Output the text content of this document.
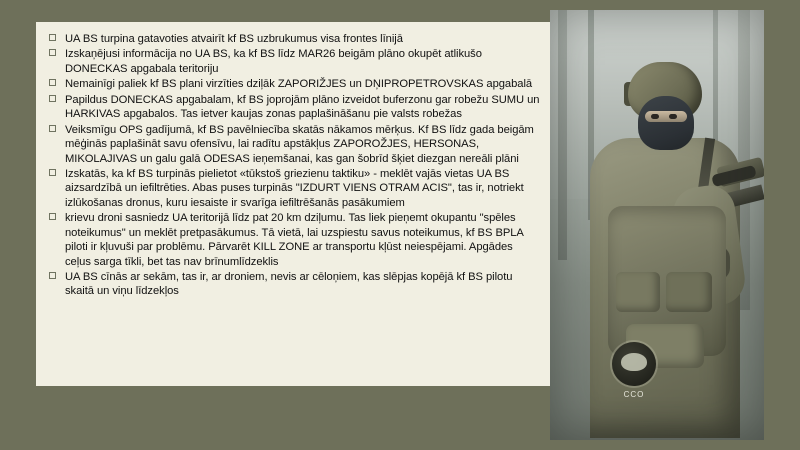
UA BS turpina gatavoties atvairīt kf BS uzbrukumus visa frontes līnijā
Izskaņējusi informācija no UA BS, ka kf BS līdz MAR26 beigām plāno okupēt atlikušo DONECKAS apgabala teritoriju
Nemainīgi paliek kf BS plani virzīties dziļāk ZAPORIŽJES un DŅIPROPETROVSKAS apgabalā
Papildus DONECKAS apgabalam, kf BS joprojām plāno izveidot buferzonu gar robežu SUMU un HARKIVAS apgabalos. Tas ietver kaujas zonas paplašināšanu pie valsts robežas
Veiksmīgu OPS gadījumā, kf BS pavēlniecība skatās nākamos mērķus. Kf BS līdz gada beigām mēģinās paplašināt savu ofensīvu, lai radītu apstākļus ZAPOROŽJES, HERSONAS, MIKOLAJIVAS un galu galā ODESAS ieņemšanai, kas gan šobrīd šķiet diezgan nereāli plāni
Izskatās, ka kf BS turpinās pielietot «tūkstoš griezienu taktiku» - meklēt vajās vietas UA BS aizsardzībā un iefiltrēties. Abas puses turpinās "IZDURT VIENS OTRAM ACIS", tas ir, notriekt izlūkošanas dronus, kuru iesaiste ir svarīga iefiltrēšanās pasākumiem
krievu droni sasniedz UA teritorijā līdz pat 20 km dziļumu. Tas liek pieņemt okupantu "spēles noteikumus" un meklēt pretpasākumus. Tā vietā, lai uzspiestu savus noteikumus, kf BS BPLA piloti ir kļuvuši par problēmu. Pārvarēt KILL ZONE ar transportu kļūst neiespējami. Apgādes ceļus sarga tīkli, bet tas nav brīnumlīdzeklis
UA BS cīnās ar sekām, tas ir, ar droniem, nevis ar cēloņiem, kas slēpjas kopējā kf BS pilotu skaitā un viņu līdzekļos
CCO
